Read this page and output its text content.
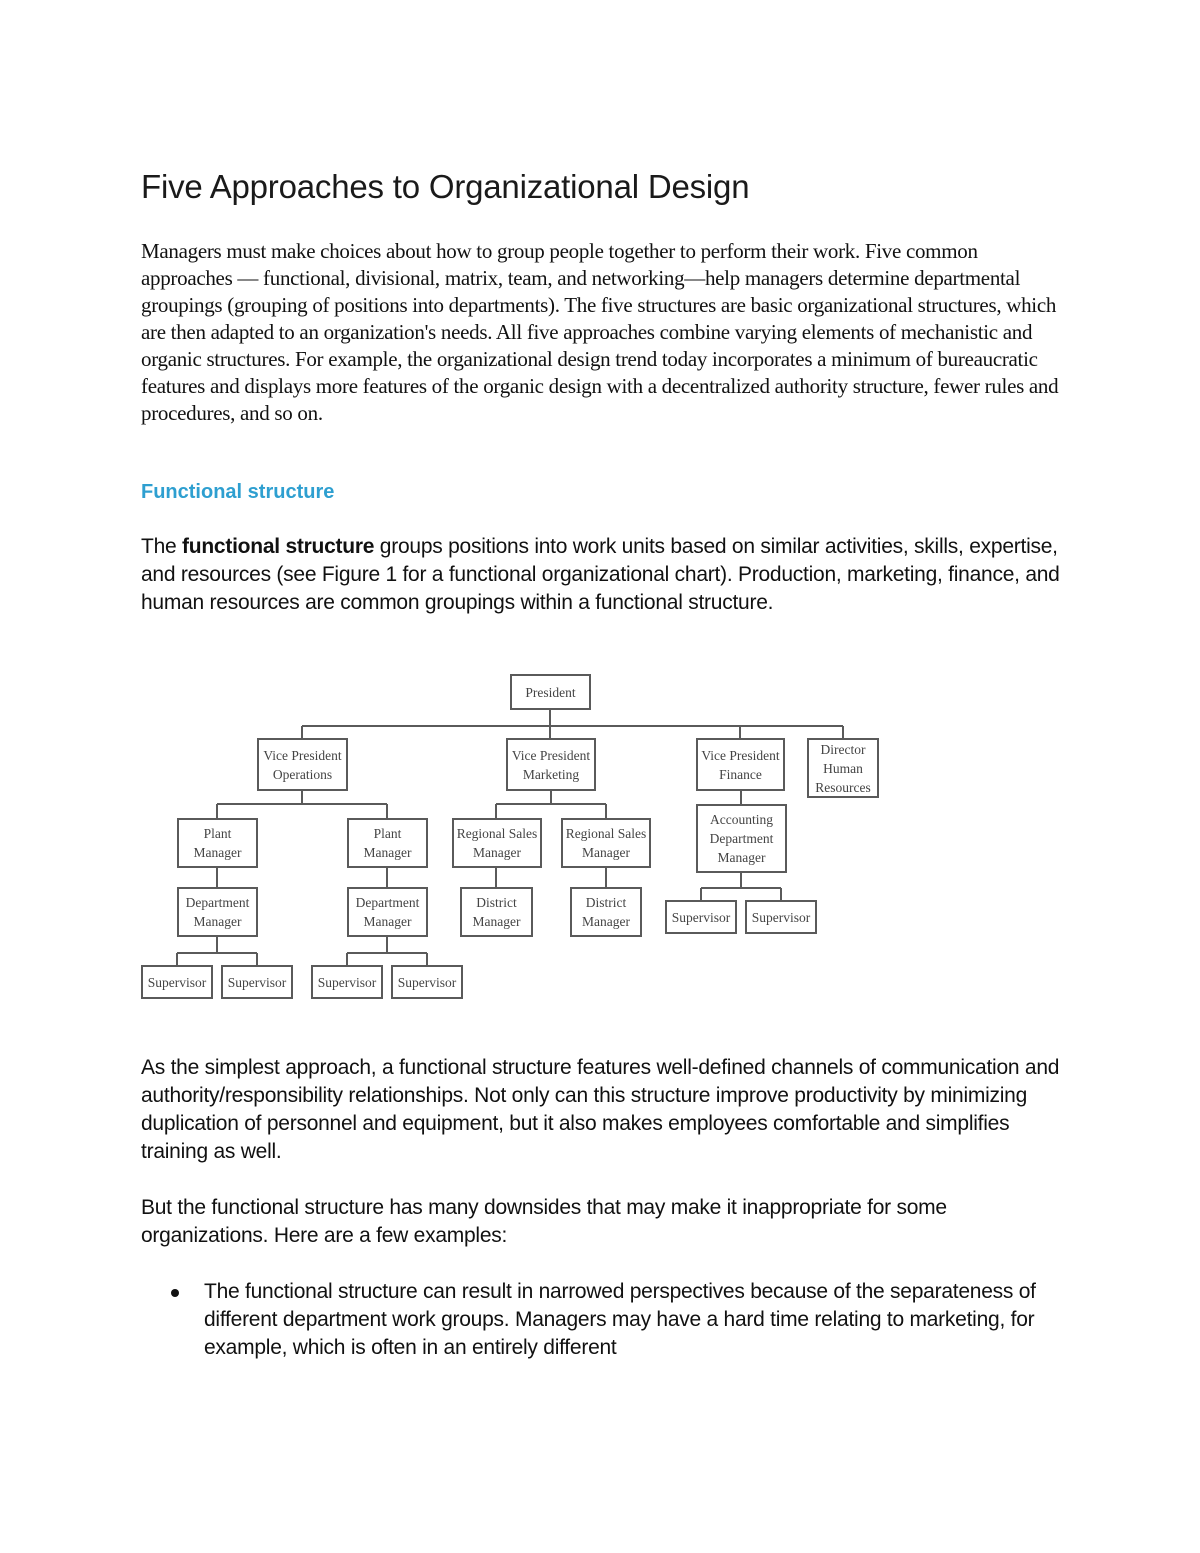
Five Approaches to Organizational Design

Managers must make choices about how to group people together to perform their work. Five common approaches — functional, divisional, matrix, team, and networking—help managers determine departmental groupings (grouping of positions into departments). The five structures are basic organizational structures, which are then adapted to an organization's needs. All five approaches combine varying elements of mechanistic and organic structures. For example, the organizational design trend today incorporates a minimum of bureaucratic features and displays more features of the organic design with a decentralized authority structure, fewer rules and procedures, and so on.

Functional structure

The functional structure groups positions into work units based on similar activities, skills, expertise, and resources (see Figure 1 for a functional organizational chart). Production, marketing, finance, and human resources are common groupings within a functional structure.

President
Vice President Operations
Vice President Marketing
Vice President Finance
Director Human Resources
Plant Manager
Plant Manager
Regional Sales Manager
Regional Sales Manager
Accounting Department Manager
Department Manager
Department Manager
District Manager
District Manager	Supervisor	Supervisor
Supervisor	Supervisor	Supervisor	Supervisor

As the simplest approach, a functional structure features well-defined channels of communication and authority/responsibility relationships. Not only can this structure improve productivity by minimizing duplication of personnel and equipment, but it also makes employees comfortable and simplifies training as well.

But the functional structure has many downsides that may make it inappropriate for some organizations. Here are a few examples:

The functional structure can result in narrowed perspectives because of the separateness of different department work groups. Managers may have a hard time relating to marketing, for example, which is often in an entirely different
